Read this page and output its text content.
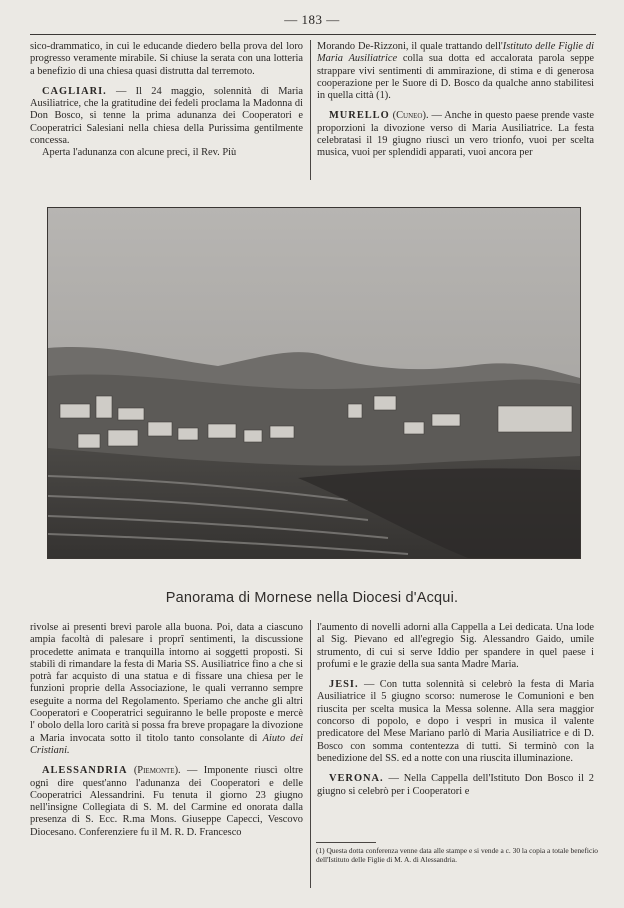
— 183 —

sico-drammatico, in cui le educande diedero bella prova del loro progresso veramente mirabile. Si chiuse la serata con una lotteria a benefizio di una chiesa quasi distrutta dal terremoto.

CAGLIARI. — Il 24 maggio, solennità di Maria Ausiliatrice, che la gratitudine dei fedeli proclama la Madonna di Don Bosco, si tenne la prima adunanza dei Cooperatori e Cooperatrici Salesiani nella chiesa della Purissima gentilmente concessa.

Aperta l'adunanza con alcune preci, il Rev. Più

Morando De-Rizzoni, il quale trattando dell'Istituto delle Figlie di Maria Ausiliatrice colla sua dotta ed accalorata parola seppe strappare vivi sentimenti di ammirazione, di stima e di generosa cooperazione per le Suore di D. Bosco da qualche anno stabilitesi in quella città (1).

MURELLO (Cuneo). — Anche in questo paese prende vaste proporzioni la divozione verso di Maria Ausiliatrice. La festa celebratasi il 19 giugno riuscì un vero trionfo, vuoi per scelta musica, vuoi per splendidi apparati, vuoi ancora per

Panorama di Mornese nella Diocesi d'Acqui.

rivolse ai presenti brevi parole alla buona. Poi, data a ciascuno ampia facoltà di palesare i proprî sentimenti, la discussione procedette animata e tranquilla intorno ai soggetti proposti. Si stabilì di rimandare la festa di Maria SS. Ausiliatrice fino a che si potrà far acquisto di una statua e di fissare una chiesa per le funzioni proprie della Associazione, le quali verranno sempre eseguite a norma del Regolamento. Speriamo che anche gli altri Cooperatori e Cooperatrici seguiranno le belle proposte e mercè l' obolo della loro carità si possa fra breve propagare la divozione a Maria invocata sotto il titolo tanto consolante di Aiuto dei Cristiani.

ALESSANDRIA (Piemonte). — Imponente riuscì oltre ogni dire quest'anno l'adunanza dei Cooperatori e delle Cooperatrici Alessandrini. Fu tenuta il giorno 23 giugno nell'insigne Collegiata di S. M. del Carmine ed onorata dalla presenza di S. Ecc. R.ma Mons. Giuseppe Capecci, Vescovo Diocesano. Conferenziere fu il M. R. D. Francesco

l'aumento di novelli adorni alla Cappella a Lei dedicata. Una lode al Sig. Pievano ed all'egregio Sig. Alessandro Gaido, umile strumento, di cui si serve Iddio per spandere in quel paese i profumi e le grazie della sua santa Madre Maria.

JESI. — Con tutta solennità si celebrò la festa di Maria Ausiliatrice il 5 giugno scorso: numerose le Comunioni e ben riuscita per scelta musica la Messa solenne. Alla sera maggior concorso di popolo, e dopo i vespri in musica il valente predicatore del Mese Mariano parlò di Maria Ausiliatrice e di D. Bosco con somma contentezza di tutti. Si terminò con la benedizione del SS. ed a notte con una riuscita illuminazione.

VERONA. — Nella Cappella dell'Istituto Don Bosco il 2 giugno si celebrò per i Cooperatori e

(1) Questa dotta conferenza venne data alle stampe e si vende a c. 30 la copia a totale beneficio dell'Istituto delle Figlie di M. A. di Alessandria.
